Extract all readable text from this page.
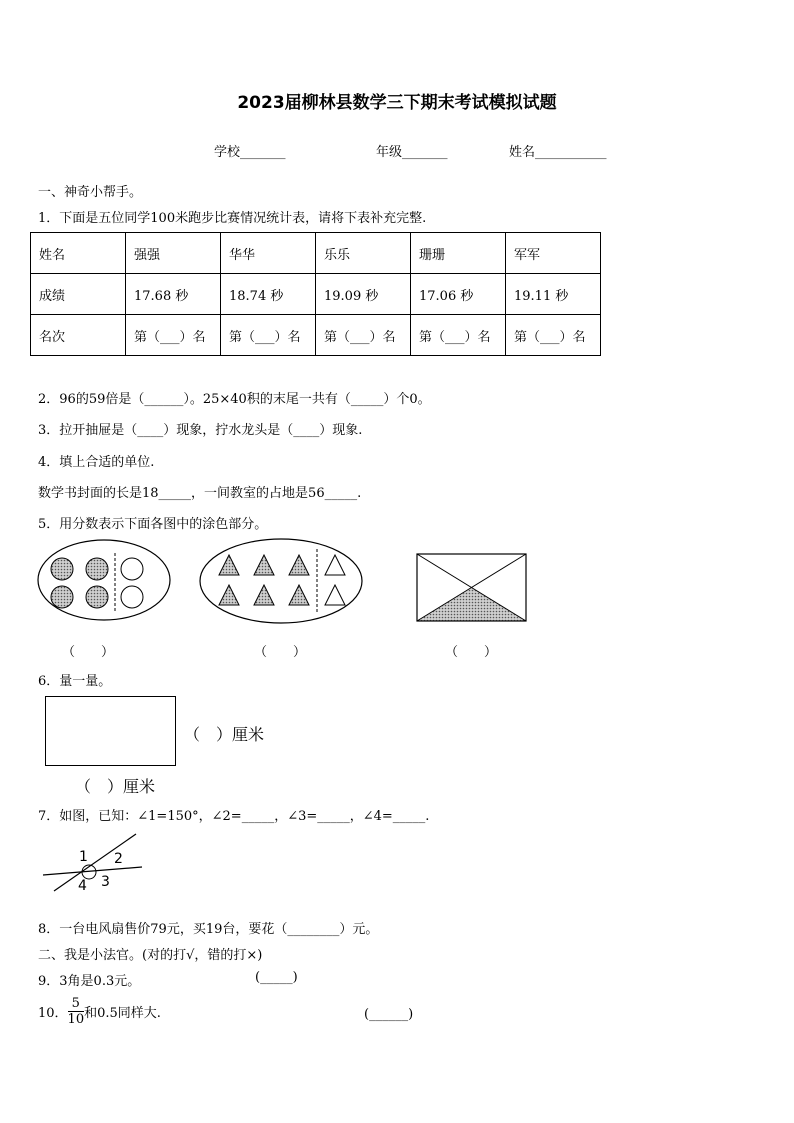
2023届柳林县数学三下期末考试模拟试题
学校_______	年级_______	姓名___________
一、神奇小帮手。
1．下面是五位同学100米跑步比赛情况统计表，请将下表补充完整.
姓名	强强	华华	乐乐	珊珊	军军
成绩	17.68 秒	18.74 秒	19.09 秒	17.06 秒	19.11 秒
名次	第（___）名	第（___）名	第（___）名	第（___）名	第（___）名
2．96的59倍是（______）。25×40积的末尾一共有（_____）个0。
3．拉开抽屉是（____）现象，拧水龙头是（____）现象.
4．填上合适的单位.
数学书封面的长是18_____，一间教室的占地是56_____.
5．用分数表示下面各图中的涂色部分。
（　　）	（　　）	（　　）
6．量一量。
（　）厘米
（　）厘米
7．如图，已知：∠1=150°，∠2=_____，∠3=_____，∠4=_____.
1 2
3
4
8．一台电风扇售价79元，买19台，要花（________）元。
二、我是小法官。(对的打√，错的打×)
9．3角是0.3元。	(_____)
10． $\frac{5}{10}$ 和0.5同样大.	(______)
